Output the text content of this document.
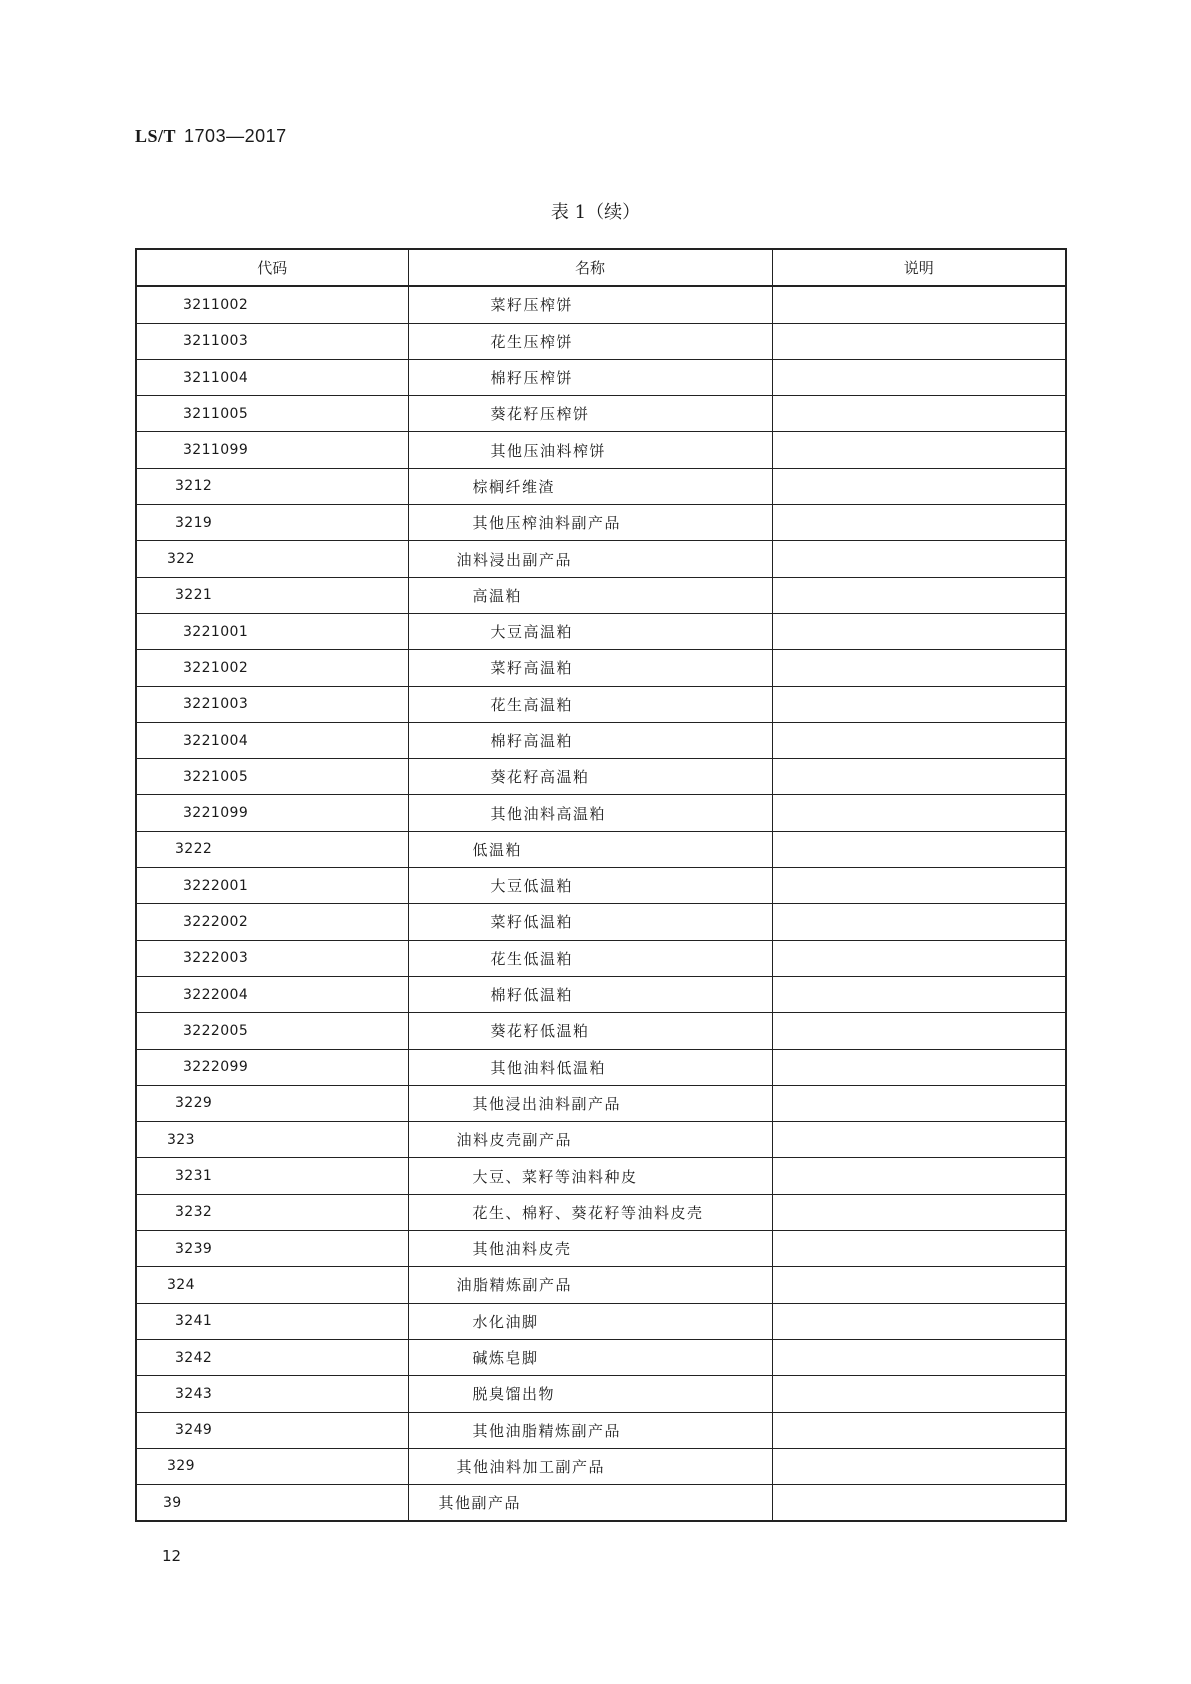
LS/T 1703—2017
表 1（续）
代码	名称	说明
3211002	菜籽压榨饼	
3211003	花生压榨饼	
3211004	棉籽压榨饼	
3211005	葵花籽压榨饼	
3211099	其他压油料榨饼	
3212	棕榈纤维渣	
3219	其他压榨油料副产品	
322	油料浸出副产品	
3221	高温粕	
3221001	大豆高温粕	
3221002	菜籽高温粕	
3221003	花生高温粕	
3221004	棉籽高温粕	
3221005	葵花籽高温粕	
3221099	其他油料高温粕	
3222	低温粕	
3222001	大豆低温粕	
3222002	菜籽低温粕	
3222003	花生低温粕	
3222004	棉籽低温粕	
3222005	葵花籽低温粕	
3222099	其他油料低温粕	
3229	其他浸出油料副产品	
323	油料皮壳副产品	
3231	大豆、菜籽等油料种皮	
3232	花生、棉籽、葵花籽等油料皮壳	
3239	其他油料皮壳	
324	油脂精炼副产品	
3241	水化油脚	
3242	碱炼皂脚	
3243	脱臭馏出物	
3249	其他油脂精炼副产品	
329	其他油料加工副产品	
39	其他副产品	
12
